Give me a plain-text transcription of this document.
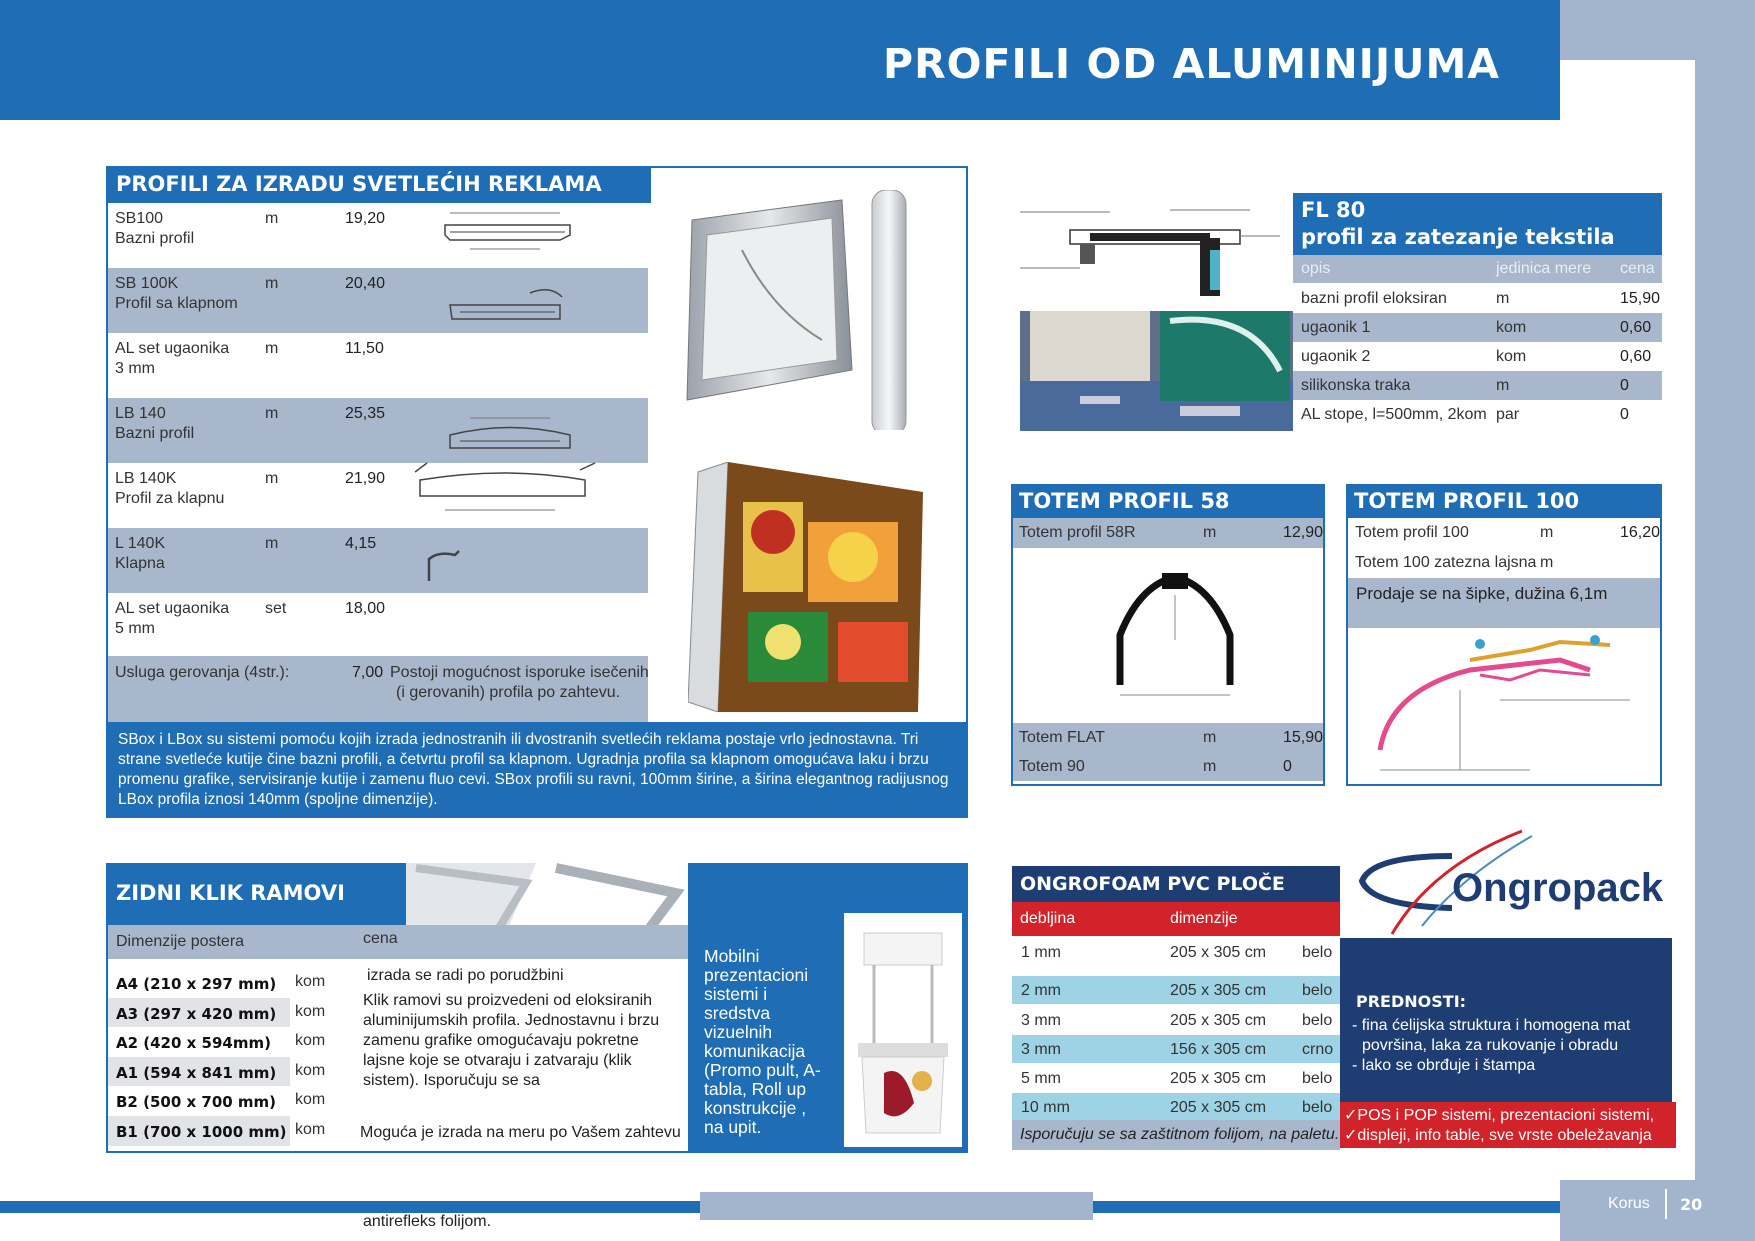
PROFILI OD ALUMINIJUMA
PROFILI ZA IZRADU SVETLEĆIH REKLAMA
SB100
Bazni profil
m	19,20
SB 100K
Profil sa klapnom
m	20,40
AL set ugaonika
3 mm
m	11,50
LB 140
Bazni profil
m	25,35
LB 140K
Profil za klapnu
m	21,90
L 140K
Klapna
m	4,15
AL set ugaonika
5 mm
set	18,00
Usluga gerovanja (4str.):	7,00 Postoji mogućnost isporuke isečenih
(i gerovanih) profila po zahtevu.
SBox i LBox su sistemi pomoću kojih izrada jednostranih ili dvostranih svetlećih reklama postaje vrlo jednostavna. Tri strane svetleće kutije čine bazni profili, a četvrtu profil sa klapnom. Ugradnja profila sa klapnom omogućava laku i brzu promenu grafike, servisiranje kutije i zamenu fluo cevi. SBox profili su ravni, 100mm širine, a širina elegantnog radijusnog LBox profila iznosi 140mm (spoljne dimenzije).
FL 80
profil za zatezanje tekstila
opis	jedinica mere cena
bazni profil eloksiran	m	15,90
ugaonik 1	kom	0,60
ugaonik 2	kom	0,60
silikonska traka	m	0
AL stope, l=500mm, 2kom par	0
TOTEM PROFIL 58
Totem profil 58R	m	12,90
Totem FLAT	m	15,90
Totem 90	m	0
TOTEM PROFIL 100
Totem profil 100	m	16,20
Totem 100 zatezna lajsna m
Prodaje se na šipke, dužina 6,1m
ZIDNI KLIK RAMOVI
Dimenzije postera	cena
A4 (210 x 297 mm) kom
A3 (297 x 420 mm) kom
A2 (420 x 594mm) kom
A1 (594 x 841 mm) kom
B2 (500 x 700 mm) kom
B1 (700 x 1000 mm) kom
izrada se radi po porudžbini
Klik ramovi su proizvedeni od eloksiranih aluminijumskih profila. Jednostavnu i brzu zamenu grafike omogućavaju pokretne lajsne koje se otvaraju i zatvaraju (klik sistem). Isporučuju se sa
Moguća je izrada na meru po Vašem zahtevu
Mobilni prezentacioni sistemi i sredstva vizuelnih komunikacija (Promo pult, A-tabla, Roll up konstrukcije , na upit.
antirefleks folijom.
ONGROFOAM PVC PLOČE
debljina	dimenzije
1 mm	205 x 305 cm belo
2 mm	205 x 305 cm belo
3 mm	205 x 305 cm belo
3 mm	156 x 305 cm crno
5 mm	205 x 305 cm belo
10 mm	205 x 305 cm belo
Isporučuju se sa zaštitnom folijom, na paletu.
Ongropack
PREDNOSTI:
- fina ćelijska struktura i homogena mat
površina, laka za rukovanje i obradu
- lako se obrđuje i štampa
✓POS i POP sistemi, prezentacioni sistemi,
✓displeji, info table, sve vrste obeležavanja
Korus 20
